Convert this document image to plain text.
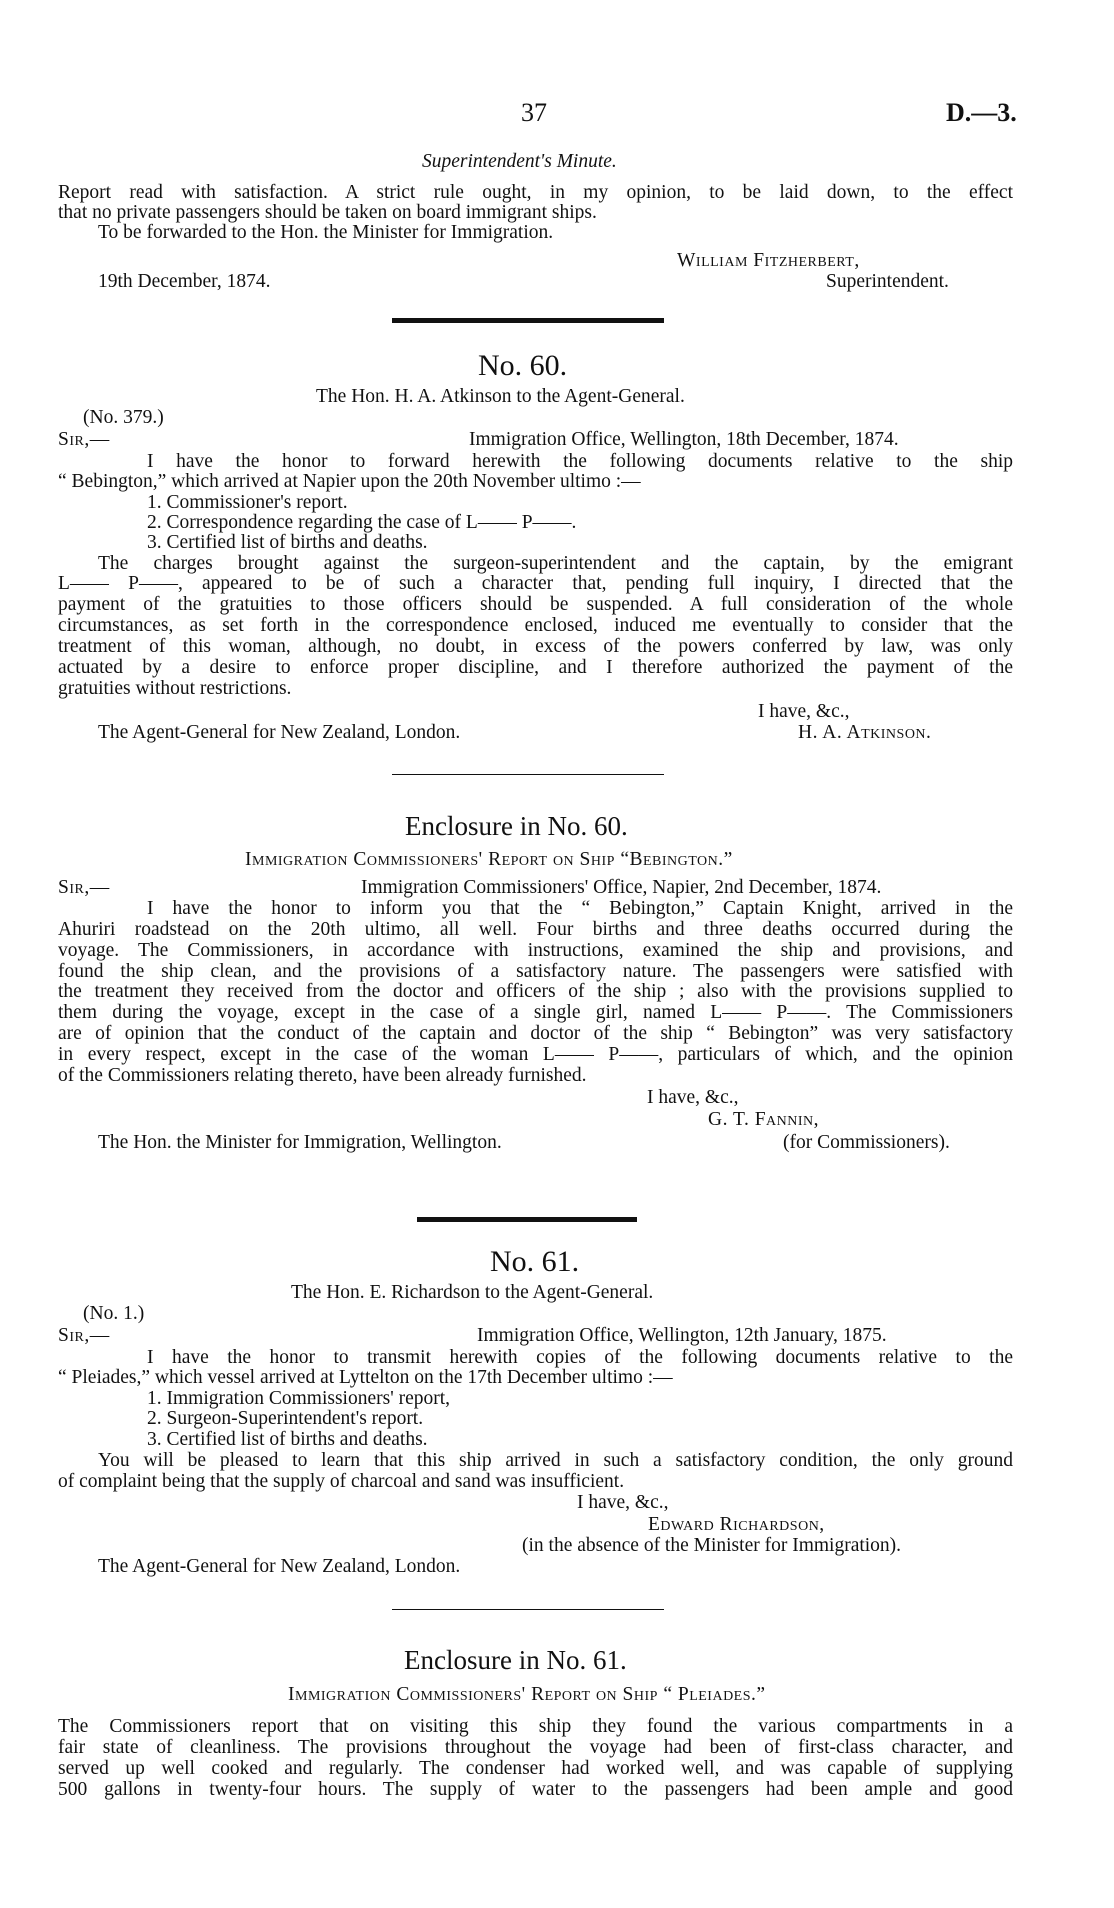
37	D.—3.
Superintendent's Minute.
Report read with satisfaction. A strict rule ought, in my opinion, to be laid down, to the effect
that no private passengers should be taken on board immigrant ships.
To be forwarded to the Hon. the Minister for Immigration.
William Fitzherbert,
19th December, 1874.	Superintendent.
No. 60.
The Hon. H. A. Atkinson to the Agent-General.
(No. 379.)
Sir,—	Immigration Office, Wellington, 18th December, 1874.
I have the honor to forward herewith the following documents relative to the ship
“ Bebington,” which arrived at Napier upon the 20th November ultimo :—
1. Commissioner's report.
2. Correspondence regarding the case of L—— P——.
3. Certified list of births and deaths.
The charges brought against the surgeon-superintendent and the captain, by the emigrant
L—— P——, appeared to be of such a character that, pending full inquiry, I directed that the
payment of the gratuities to those officers should be suspended. A full consideration of the whole
circumstances, as set forth in the correspondence enclosed, induced me eventually to consider that the
treatment of this woman, although, no doubt, in excess of the powers conferred by law, was only
actuated by a desire to enforce proper discipline, and I therefore authorized the payment of the
gratuities without restrictions.
I have, &c.,
The Agent-General for New Zealand, London.	H. A. Atkinson.
Enclosure in No. 60.
Immigration Commissioners' Report on Ship “Bebington.”
Sir,—	Immigration Commissioners' Office, Napier, 2nd December, 1874.
I have the honor to inform you that the “ Bebington,” Captain Knight, arrived in the
Ahuriri roadstead on the 20th ultimo, all well. Four births and three deaths occurred during the
voyage. The Commissioners, in accordance with instructions, examined the ship and provisions, and
found the ship clean, and the provisions of a satisfactory nature. The passengers were satisfied with
the treatment they received from the doctor and officers of the ship ; also with the provisions supplied to
them during the voyage, except in the case of a single girl, named L—— P——. The Commissioners
are of opinion that the conduct of the captain and doctor of the ship “ Bebington” was very satisfactory
in every respect, except in the case of the woman L—— P——, particulars of which, and the opinion
of the Commissioners relating thereto, have been already furnished.
I have, &c.,
G. T. Fannin,
The Hon. the Minister for Immigration, Wellington.	(for Commissioners).
No. 61.
The Hon. E. Richardson to the Agent-General.
(No. 1.)
Sir,—	Immigration Office, Wellington, 12th January, 1875.
I have the honor to transmit herewith copies of the following documents relative to the
“ Pleiades,” which vessel arrived at Lyttelton on the 17th December ultimo :—
1. Immigration Commissioners' report,
2. Surgeon-Superintendent's report.
3. Certified list of births and deaths.
You will be pleased to learn that this ship arrived in such a satisfactory condition, the only ground
of complaint being that the supply of charcoal and sand was insufficient.
I have, &c.,
Edward Richardson,
(in the absence of the Minister for Immigration).
The Agent-General for New Zealand, London.
Enclosure in No. 61.
Immigration Commissioners' Report on Ship “ Pleiades.”
The Commissioners report that on visiting this ship they found the various compartments in a
fair state of cleanliness. The provisions throughout the voyage had been of first-class character, and
served up well cooked and regularly. The condenser had worked well, and was capable of supplying
500 gallons in twenty-four hours. The supply of water to the passengers had been ample and good
